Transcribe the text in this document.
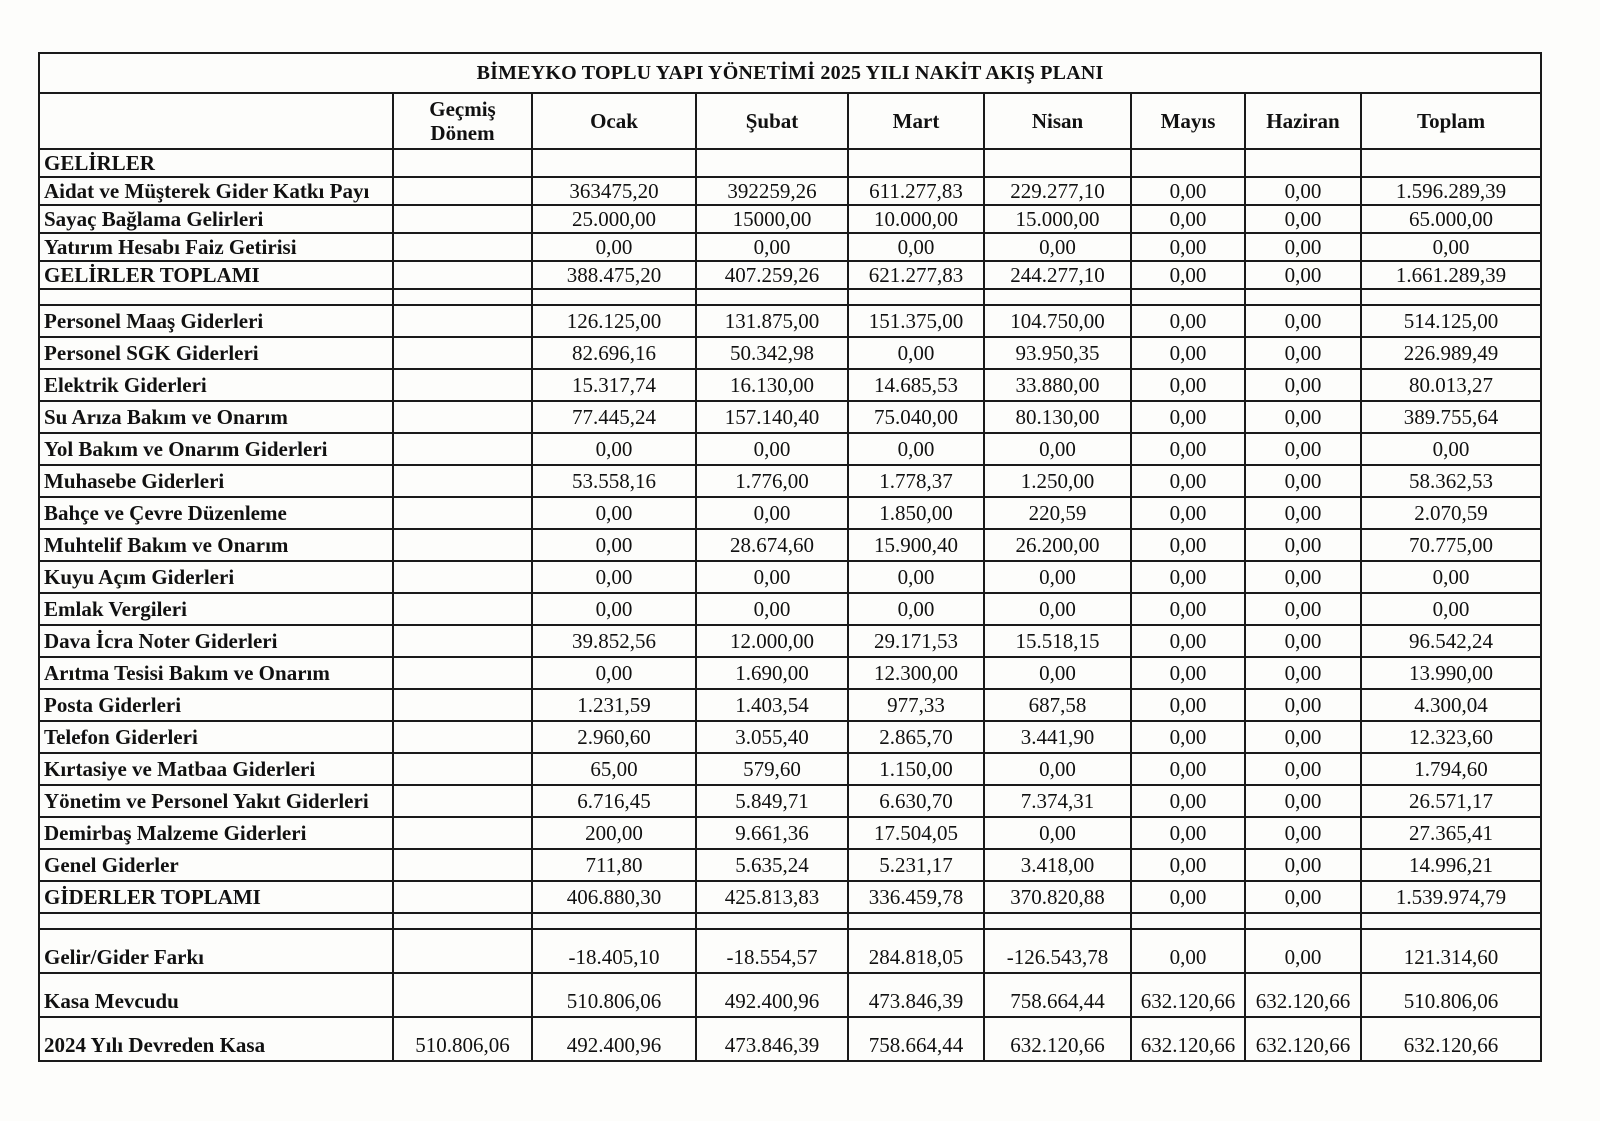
BİMEYKO TOPLU YAPI YÖNETİMİ 2025 YILI NAKİT AKIŞ PLANI								
	Geçmiş Dönem	Ocak	Şubat	Mart	Nisan	Mayıs	Haziran	Toplam
GELİRLER								
Aidat ve Müşterek Gider Katkı Payı		363475,20	392259,26	611.277,83	229.277,10	0,00	0,00	1.596.289,39
Sayaç Bağlama Gelirleri		25.000,00	15000,00	10.000,00	15.000,00	0,00	0,00	65.000,00
Yatırım Hesabı Faiz Getirisi		0,00	0,00	0,00	0,00	0,00	0,00	0,00
GELİRLER TOPLAMI		388.475,20	407.259,26	621.277,83	244.277,10	0,00	0,00	1.661.289,39

Personel Maaş Giderleri		126.125,00	131.875,00	151.375,00	104.750,00	0,00	0,00	514.125,00
Personel SGK Giderleri		82.696,16	50.342,98	0,00	93.950,35	0,00	0,00	226.989,49
Elektrik Giderleri		15.317,74	16.130,00	14.685,53	33.880,00	0,00	0,00	80.013,27
Su Arıza Bakım ve Onarım		77.445,24	157.140,40	75.040,00	80.130,00	0,00	0,00	389.755,64
Yol Bakım ve Onarım Giderleri		0,00	0,00	0,00	0,00	0,00	0,00	0,00
Muhasebe Giderleri		53.558,16	1.776,00	1.778,37	1.250,00	0,00	0,00	58.362,53
Bahçe ve Çevre Düzenleme		0,00	0,00	1.850,00	220,59	0,00	0,00	2.070,59
Muhtelif Bakım ve Onarım		0,00	28.674,60	15.900,40	26.200,00	0,00	0,00	70.775,00
Kuyu Açım Giderleri		0,00	0,00	0,00	0,00	0,00	0,00	0,00
Emlak Vergileri		0,00	0,00	0,00	0,00	0,00	0,00	0,00
Dava İcra Noter Giderleri		39.852,56	12.000,00	29.171,53	15.518,15	0,00	0,00	96.542,24
Arıtma Tesisi Bakım ve Onarım		0,00	1.690,00	12.300,00	0,00	0,00	0,00	13.990,00
Posta Giderleri		1.231,59	1.403,54	977,33	687,58	0,00	0,00	4.300,04
Telefon Giderleri		2.960,60	3.055,40	2.865,70	3.441,90	0,00	0,00	12.323,60
Kırtasiye ve Matbaa Giderleri		65,00	579,60	1.150,00	0,00	0,00	0,00	1.794,60
Yönetim ve Personel Yakıt Giderleri		6.716,45	5.849,71	6.630,70	7.374,31	0,00	0,00	26.571,17
Demirbaş Malzeme Giderleri		200,00	9.661,36	17.504,05	0,00	0,00	0,00	27.365,41
Genel Giderler		711,80	5.635,24	5.231,17	3.418,00	0,00	0,00	14.996,21
GİDERLER TOPLAMI		406.880,30	425.813,83	336.459,78	370.820,88	0,00	0,00	1.539.974,79

Gelir/Gider Farkı		-18.405,10	-18.554,57	284.818,05	-126.543,78	0,00	0,00	121.314,60
Kasa Mevcudu		510.806,06	492.400,96	473.846,39	758.664,44	632.120,66	632.120,66	510.806,06
2024 Yılı Devreden Kasa	510.806,06	492.400,96	473.846,39	758.664,44	632.120,66	632.120,66	632.120,66	632.120,66
